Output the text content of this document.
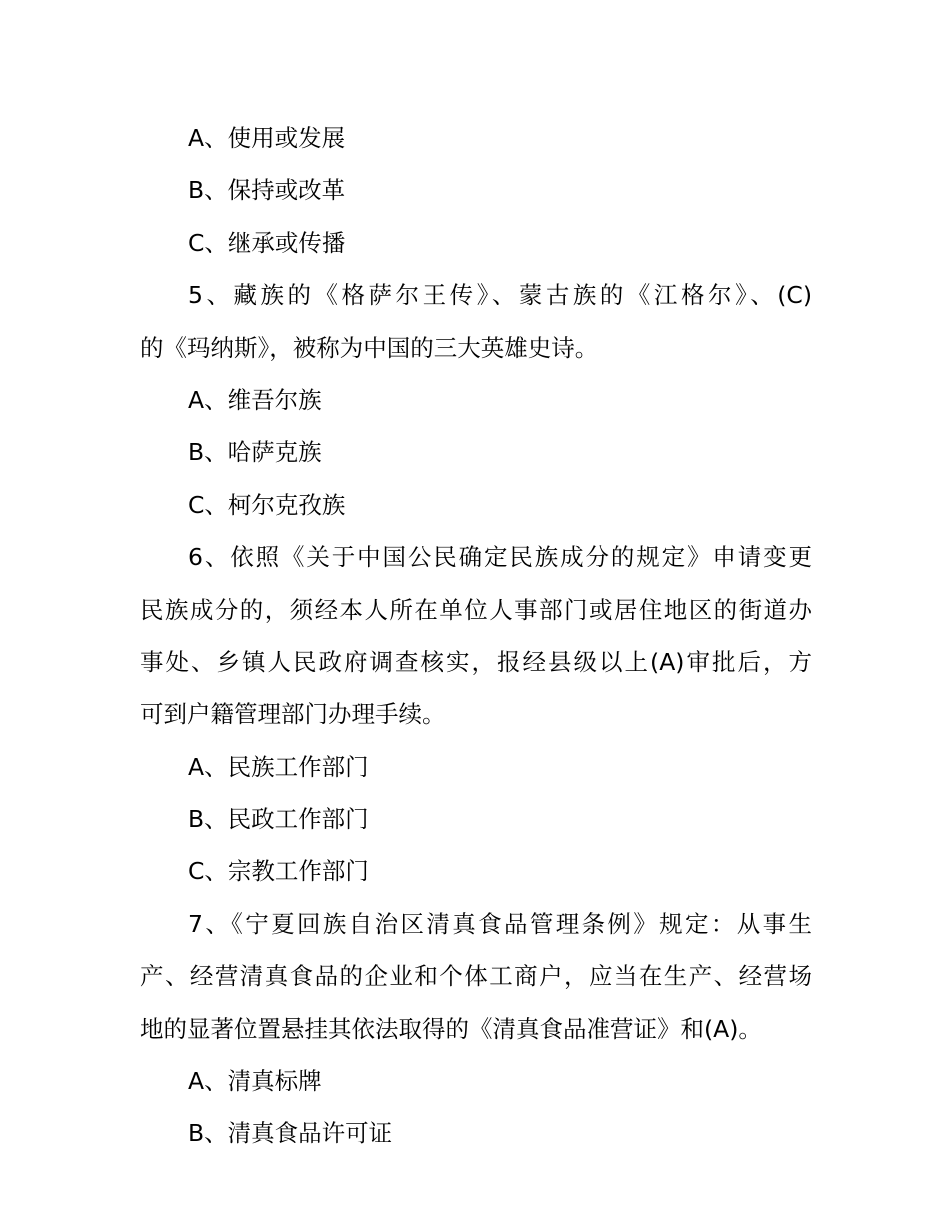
A、使用或发展
B、保持或改革
C、继承或传播
5、藏族的《格萨尔王传》、蒙古族的《江格尔》、(C)
的《玛纳斯》，被称为中国的三大英雄史诗。
A、维吾尔族
B、哈萨克族
C、柯尔克孜族
6、依照《关于中国公民确定民族成分的规定》申请变更
民族成分的，须经本人所在单位人事部门或居住地区的街道办
事处、乡镇人民政府调查核实，报经县级以上(A)审批后，方
可到户籍管理部门办理手续。
A、民族工作部门
B、民政工作部门
C、宗教工作部门
7、《宁夏回族自治区清真食品管理条例》规定：从事生
产、经营清真食品的企业和个体工商户，应当在生产、经营场
地的显著位置悬挂其依法取得的《清真食品准营证》和(A)。
A、清真标牌
B、清真食品许可证
